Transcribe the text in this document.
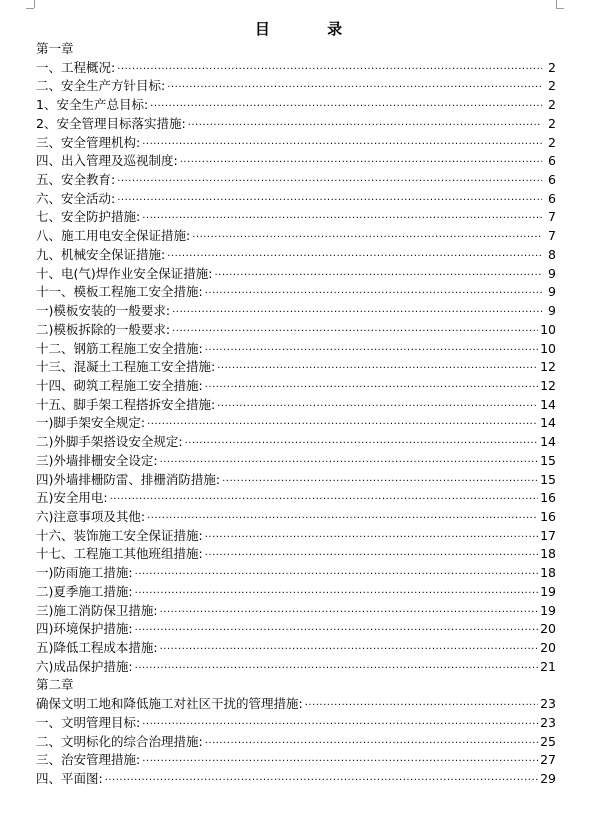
目 录
第一章
一、工程概况: ·····	2
二、安全生产方针目标: ·····	2
1、安全生产总目标: ·····	2
2、安全管理目标落实措施: ·····	2
三、安全管理机构: ·····	2
四、出入管理及巡视制度: ·····	6
五、安全教育: ·····	6
六、安全活动: ·····	6
七、安全防护措施: ·····	7
八、施工用电安全保证措施: ·····	7
九、机械安全保证措施: ·····	8
十、电(气)焊作业安全保证措施: ·····	9
十一、模板工程施工安全措施: ·····	9
一)模板安装的一般要求: ·····	9
二)模板拆除的一般要求: ·····	10
十二、钢筋工程施工安全措施: ·····	10
十三、混凝土工程施工安全措施: ·····	12
十四、砌筑工程施工安全措施: ·····	12
十五、脚手架工程搭拆安全措施: ·····	14
一)脚手架安全规定: ·····	14
二)外脚手架搭设安全规定: ·····	14
三)外墙排栅安全设定: ·····	15
四)外墙排栅防雷、排栅消防措施: ·····	15
五)安全用电: ·····	16
六)注意事项及其他: ·····	16
十六、装饰施工安全保证措施: ·····	17
十七、工程施工其他班组措施: ·····	18
一)防雨施工措施: ·····	18
二)夏季施工措施: ·····	19
三)施工消防保卫措施: ·····	19
四)环境保护措施: ·····	20
五)降低工程成本措施: ·····	20
六)成品保护措施: ·····	21
第二章
确保文明工地和降低施工对社区干扰的管理措施: ·····	23
一、文明管理目标: ·····	23
二、文明标化的综合治理措施: ·····	25
三、治安管理措施: ·····	27
四、平面图: ·····	29
